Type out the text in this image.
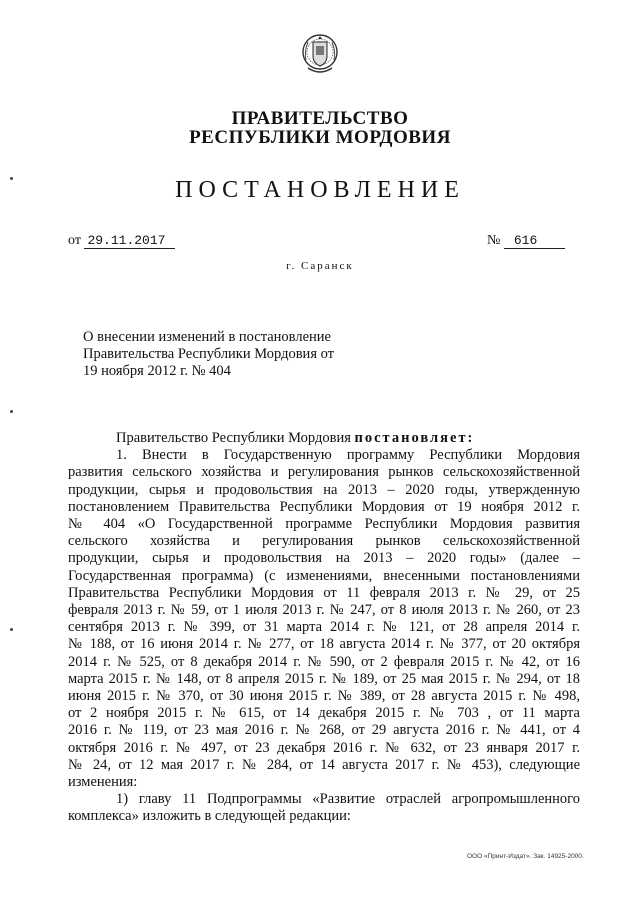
ПРАВИТЕЛЬСТВО
РЕСПУБЛИКИ МОРДОВИЯ
ПОСТАНОВЛЕНИЕ
от 29.11.2017	№ 616
г. Саранск
О внесении изменений в постановление
Правительства Республики Мордовия от
19 ноября 2012 г. № 404
Правительство Республики Мордовия постановляет:
1. Внести в Государственную программу Республики Мордовия
развития сельского хозяйства и регулирования рынков сельскохозяйственной
продукции, сырья и продовольствия на 2013 – 2020 годы, утвержденную
постановлением Правительства Республики Мордовия от 19 ноября 2012 г.
№ 404 «О Государственной программе Республики Мордовия развития
сельского хозяйства и регулирования рынков сельскохозяйственной
продукции, сырья и продовольствия на 2013 – 2020 годы» (далее –
Государственная программа) (с изменениями, внесенными постановлениями
Правительства Республики Мордовия от 11 февраля 2013 г. № 29, от 25
февраля 2013 г. № 59, от 1 июля 2013 г. № 247, от 8 июля 2013 г. № 260, от 23
сентября 2013 г. № 399, от 31 марта 2014 г. № 121, от 28 апреля 2014 г.
№ 188, от 16 июня 2014 г. № 277, от 18 августа 2014 г. № 377, от 20 октября
2014 г. № 525, от 8 декабря 2014 г. № 590, от 2 февраля 2015 г. № 42, от 16
марта 2015 г. № 148, от 8 апреля 2015 г. № 189, от 25 мая 2015 г. № 294, от 18
июня 2015 г. № 370, от 30 июня 2015 г. № 389, от 28 августа 2015 г. № 498,
от 2 ноября 2015 г. № 615, от 14 декабря 2015 г. № 703 , от 11 марта
2016 г. № 119, от 23 мая 2016 г. № 268, от 29 августа 2016 г. № 441, от 4
октября 2016 г. № 497, от 23 декабря 2016 г. № 632, от 23 января 2017 г.
№ 24, от 12 мая 2017 г. № 284, от 14 августа 2017 г. № 453), следующие
изменения:
1) главу 11 Подпрограммы «Развитие отраслей агропромышленного
комплекса» изложить в следующей редакции:
ООО «Принт-Издат». Зак. 14925-2000.
